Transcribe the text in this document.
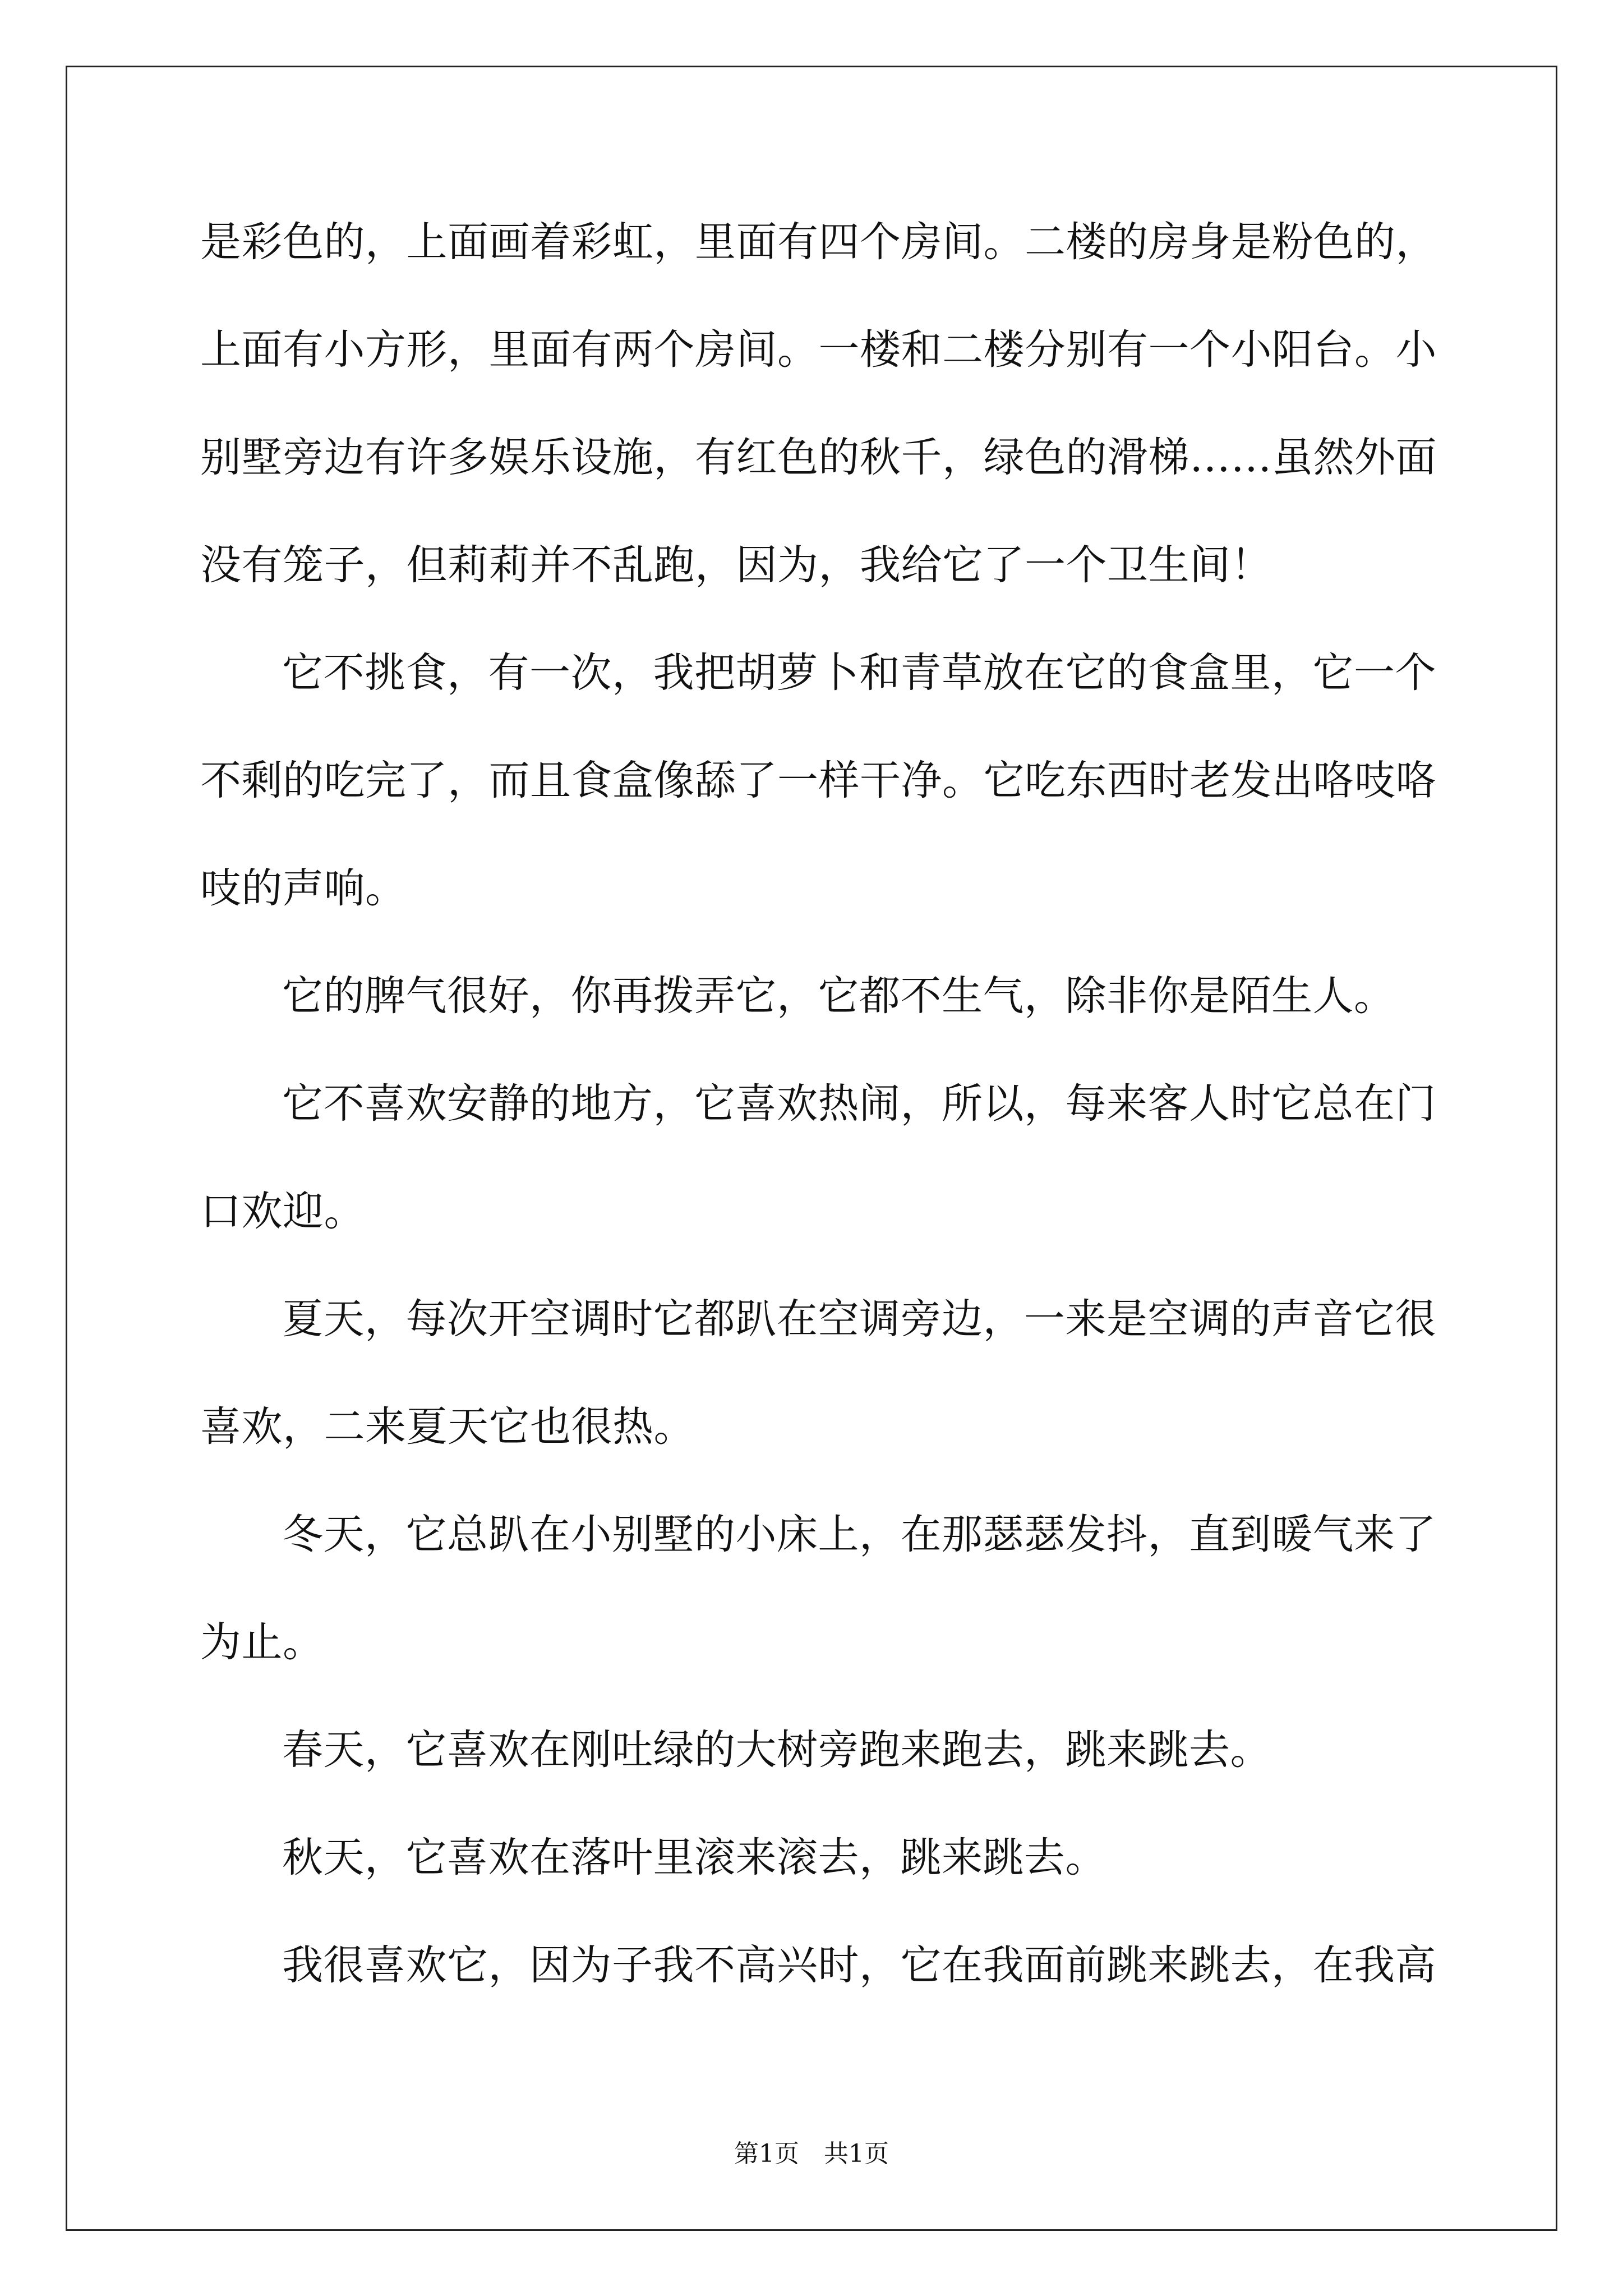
是彩色的，上面画着彩虹，里面有四个房间。二楼的房身是粉色的，
上面有小方形，里面有两个房间。一楼和二楼分别有一个小阳台。小
别墅旁边有许多娱乐设施，有红色的秋千，绿色的滑梯……虽然外面
没有笼子，但莉莉并不乱跑，因为，我给它了一个卫生间！
它不挑食，有一次，我把胡萝卜和青草放在它的食盒里，它一个
不剩的吃完了，而且食盒像舔了一样干净。它吃东西时老发出咯吱咯
吱的声响。
它的脾气很好，你再拨弄它，它都不生气，除非你是陌生人。
它不喜欢安静的地方，它喜欢热闹，所以，每来客人时它总在门
口欢迎。
夏天，每次开空调时它都趴在空调旁边，一来是空调的声音它很
喜欢，二来夏天它也很热。
冬天，它总趴在小别墅的小床上，在那瑟瑟发抖，直到暖气来了
为止。
春天，它喜欢在刚吐绿的大树旁跑来跑去，跳来跳去。
秋天，它喜欢在落叶里滚来滚去，跳来跳去。
我很喜欢它，因为子我不高兴时，它在我面前跳来跳去，在我高
第1页　共1页
